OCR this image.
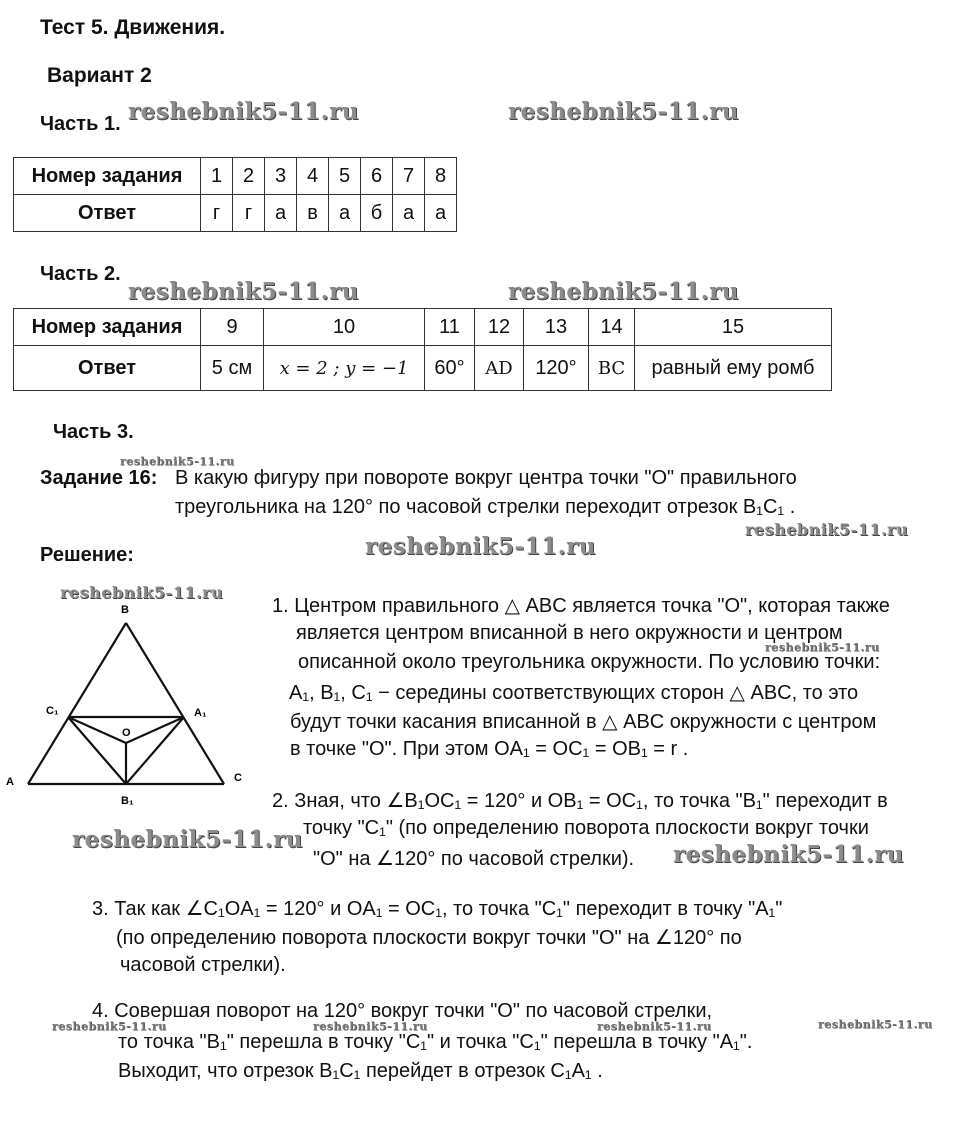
Тест 5. Движения.
Вариант 2
Часть 1. reshebnik5-11.ru	reshebnik5-11.ru
Номер задания	1	2	3	4	5	6	7	8
Ответ	г	г	а	в	а	б	а	а
Часть 2.
reshebnik5-11.ru	reshebnik5-11.ru
Номер задания	9	10	11	12	13	14	15
Ответ	5 см	x = 2 ; y = −1	60°	AD	120°	BC	равный ему ромб
Часть 3.
reshebnik5-11.ru
Задание 16: В какую фигуру при повороте вокруг центра точки "О" правильного
треугольника на 120° по часовой стрелки переходит отрезок B₁C₁ .
reshebnik5-11.ru
Решение:	reshebnik5-11.ru
reshebnik5-11.ru
B
A	C
C₁	A₁
B₁
O
1. Центром правильного △ ABC является точка "О", которая также
является центром вписанной в него окружности и центром
reshebnik5-11.ru
описанной около треугольника окружности. По условию точки:
A₁, B₁, C₁ − середины соответствующих сторон △ ABC, то это
будут точки касания вписанной в △ ABC окружности с центром
в точке "О". При этом OA₁ = OC₁ = OB₁ = r .
2. Зная, что ∠B₁OC₁ = 120° и OB₁ = OC₁, то точка "B₁" переходит в
точку "C₁" (по определению поворота плоскости вокруг точки
"О" на ∠120° по часовой стрелки).
reshebnik5-11.ru
reshebnik5-11.ru
3. Так как ∠C₁OA₁ = 120° и OA₁ = OC₁, то точка "C₁" переходит в точку "A₁"
(по определению поворота плоскости вокруг точки "О" на ∠120° по
часовой стрелки).
4. Совершая поворот на 120° вокруг точки "O" по часовой стрелки,
reshebnik5-11.ru	reshebnik5-11.ru	reshebnik5-11.ru	reshebnik5-11.ru
то точка "B₁" перешла в точку "C₁" и точка "C₁" перешла в точку "A₁".
Выходит, что отрезок B₁C₁ перейдет в отрезок C₁A₁ .
